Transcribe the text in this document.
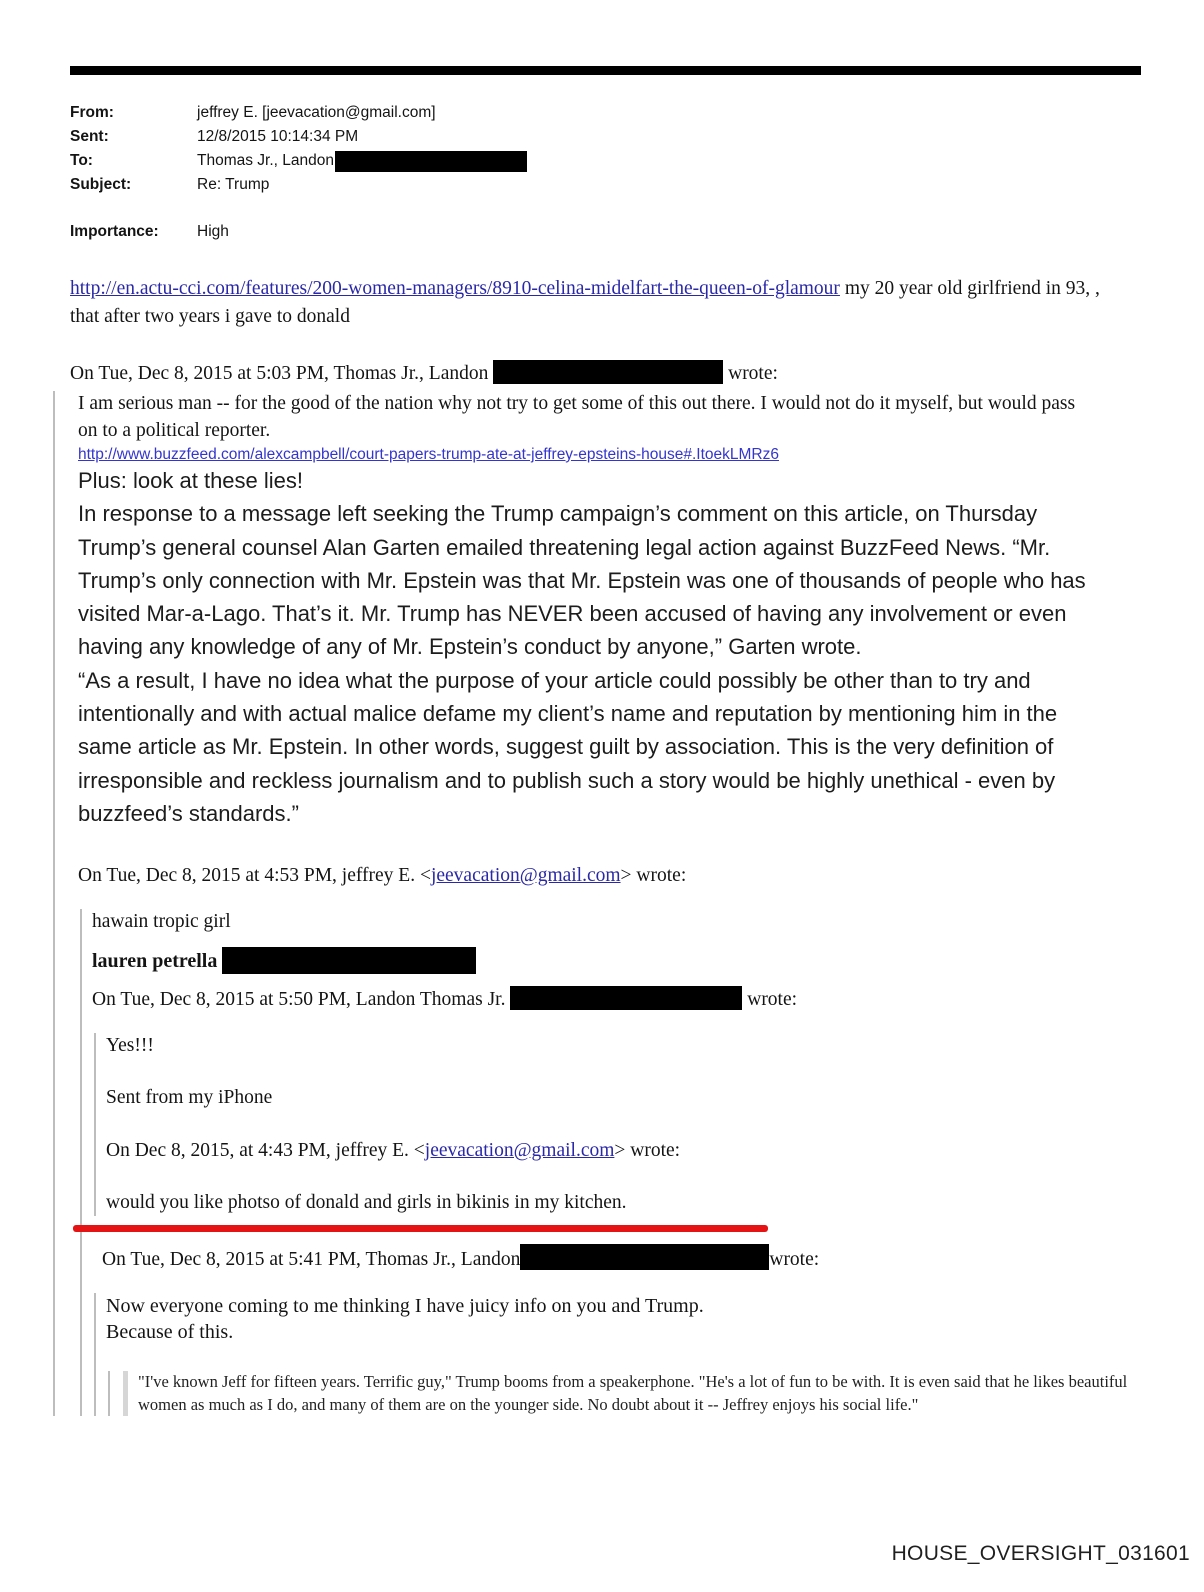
From:	jeffrey E. [jeevacation@gmail.com]
Sent:	12/8/2015 10:14:34 PM
To:	Thomas Jr., Landon
Subject:	Re: Trump
Importance:	High

http://en.actu-cci.com/features/200-women-managers/8910-celina-midelfart-the-queen-of-glamour my 20 year old girlfriend in 93, , that after two years i gave to donald

On Tue, Dec 8, 2015 at 5:03 PM, Thomas Jr., Landon	wrote:

I am serious man -- for the good of the nation why not try to get some of this out there. I would not do it myself, but would pass on to a political reporter.

http://www.buzzfeed.com/alexcampbell/court-papers-trump-ate-at-jeffrey-epsteins-house#.ItoekLMRz6

Plus: look at these lies!

In response to a message left seeking the Trump campaign’s comment on this article, on Thursday Trump’s general counsel Alan Garten emailed threatening legal action against BuzzFeed News. “Mr. Trump’s only connection with Mr. Epstein was that Mr. Epstein was one of thousands of people who has visited Mar-a-Lago. That’s it. Mr. Trump has NEVER been accused of having any involvement or even having any knowledge of any of Mr. Epstein’s conduct by anyone,” Garten wrote.

“As a result, I have no idea what the purpose of your article could possibly be other than to try and intentionally and with actual malice defame my client’s name and reputation by mentioning him in the same article as Mr. Epstein. In other words, suggest guilt by association. This is the very definition of irresponsible and reckless journalism and to publish such a story would be highly unethical - even by buzzfeed’s standards.”

On Tue, Dec 8, 2015 at 4:53 PM, jeffrey E. <jeevacation@gmail.com> wrote:

hawain tropic girl

lauren petrella

On Tue, Dec 8, 2015 at 5:50 PM, Landon Thomas Jr.	wrote:

Yes!!!

Sent from my iPhone

On Dec 8, 2015, at 4:43 PM, jeffrey E. <jeevacation@gmail.com> wrote:

would you like photso of donald and girls in bikinis in my kitchen.

On Tue, Dec 8, 2015 at 5:41 PM, Thomas Jr., Landon	wrote:

Now everyone coming to me thinking I have juicy info on you and Trump.

Because of this.

"I've known Jeff for fifteen years. Terrific guy," Trump booms from a speakerphone. "He's a lot of fun to be with. It is even said that he likes beautiful women as much as I do, and many of them are on the younger side. No doubt about it -- Jeffrey enjoys his social life."

HOUSE_OVERSIGHT_031601
